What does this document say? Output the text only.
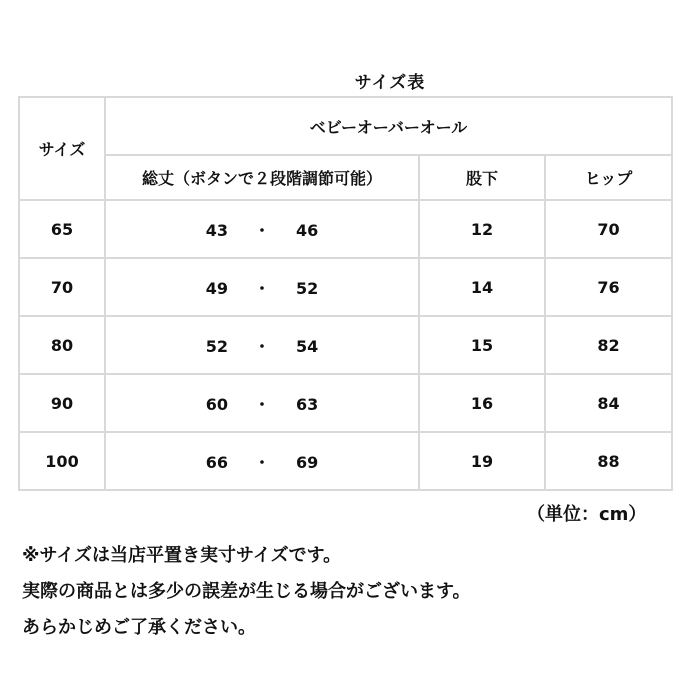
サイズ表
サイズ	ベビーオーバーオール		
	総丈（ボタンで２段階調節可能）	股下	ヒップ
65	43 ・ 46	12	70
70	49 ・ 52	14	76
80	52 ・ 54	15	82
90	60 ・ 63	16	84
100	66 ・ 69	19	88
（単位：cm）
※サイズは当店平置き実寸サイズです。
実際の商品とは多少の誤差が生じる場合がございます。
あらかじめご了承ください。
